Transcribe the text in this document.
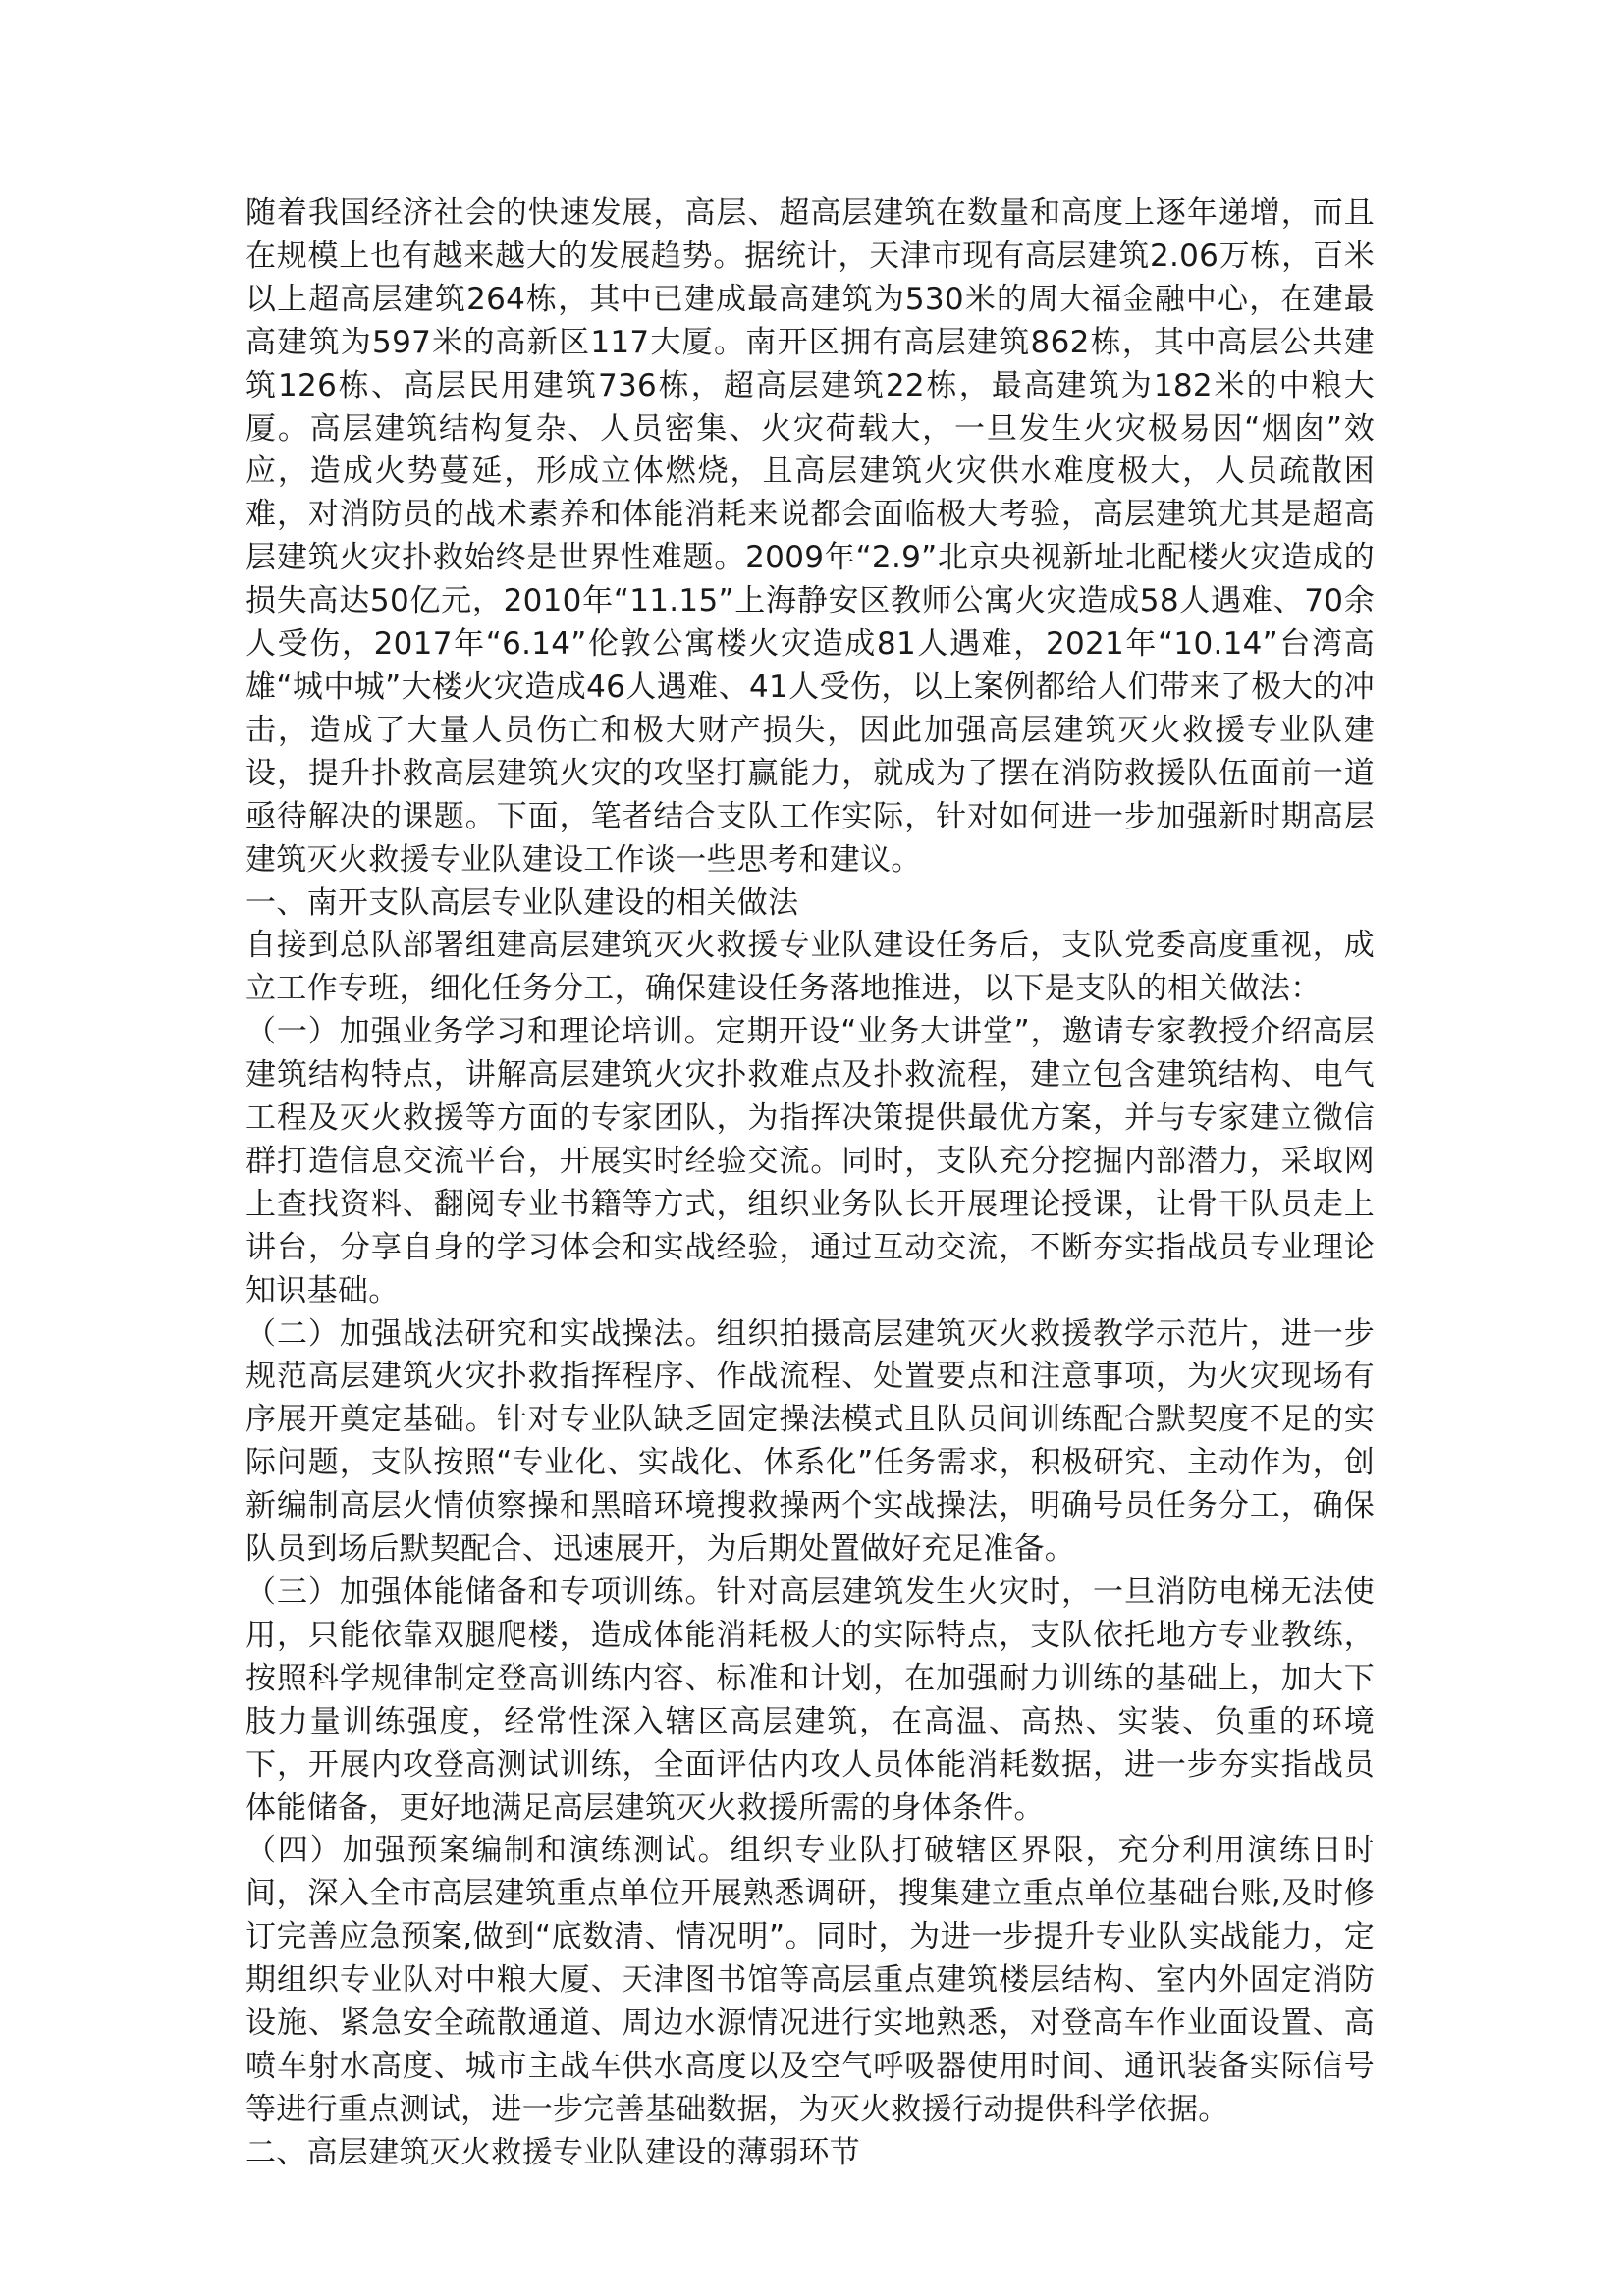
随着我国经济社会的快速发展，高层、超高层建筑在数量和高度上逐年递增，而且在规模上也有越来越大的发展趋势。据统计，天津市现有高层建筑2.06万栋，百米以上超高层建筑264栋，其中已建成最高建筑为530米的周大福金融中心，在建最高建筑为597米的高新区117大厦。南开区拥有高层建筑862栋，其中高层公共建筑126栋、高层民用建筑736栋，超高层建筑22栋，最高建筑为182米的中粮大厦。高层建筑结构复杂、人员密集、火灾荷载大，一旦发生火灾极易因“烟囱”效应，造成火势蔓延，形成立体燃烧，且高层建筑火灾供水难度极大，人员疏散困难，对消防员的战术素养和体能消耗来说都会面临极大考验，高层建筑尤其是超高层建筑火灾扑救始终是世界性难题。2009年“2.9”北京央视新址北配楼火灾造成的损失高达50亿元，2010年“11.15”上海静安区教师公寓火灾造成58人遇难、70余人受伤，2017年“6.14”伦敦公寓楼火灾造成81人遇难，2021年“10.14”台湾高雄“城中城”大楼火灾造成46人遇难、41人受伤，以上案例都给人们带来了极大的冲击，造成了大量人员伤亡和极大财产损失，因此加强高层建筑灭火救援专业队建设，提升扑救高层建筑火灾的攻坚打赢能力，就成为了摆在消防救援队伍面前一道亟待解决的课题。下面，笔者结合支队工作实际，针对如何进一步加强新时期高层建筑灭火救援专业队建设工作谈一些思考和建议。

一、南开支队高层专业队建设的相关做法

自接到总队部署组建高层建筑灭火救援专业队建设任务后，支队党委高度重视，成立工作专班，细化任务分工，确保建设任务落地推进，以下是支队的相关做法：

（一）加强业务学习和理论培训。定期开设“业务大讲堂”，邀请专家教授介绍高层建筑结构特点，讲解高层建筑火灾扑救难点及扑救流程，建立包含建筑结构、电气工程及灭火救援等方面的专家团队，为指挥决策提供最优方案，并与专家建立微信群打造信息交流平台，开展实时经验交流。同时，支队充分挖掘内部潜力，采取网上查找资料、翻阅专业书籍等方式，组织业务队长开展理论授课，让骨干队员走上讲台，分享自身的学习体会和实战经验，通过互动交流，不断夯实指战员专业理论知识基础。

（二）加强战法研究和实战操法。组织拍摄高层建筑灭火救援教学示范片，进一步规范高层建筑火灾扑救指挥程序、作战流程、处置要点和注意事项，为火灾现场有序展开奠定基础。针对专业队缺乏固定操法模式且队员间训练配合默契度不足的实际问题，支队按照“专业化、实战化、体系化”任务需求，积极研究、主动作为，创新编制高层火情侦察操和黑暗环境搜救操两个实战操法，明确号员任务分工，确保队员到场后默契配合、迅速展开，为后期处置做好充足准备。

（三）加强体能储备和专项训练。针对高层建筑发生火灾时，一旦消防电梯无法使用，只能依靠双腿爬楼，造成体能消耗极大的实际特点，支队依托地方专业教练，按照科学规律制定登高训练内容、标准和计划，在加强耐力训练的基础上，加大下肢力量训练强度，经常性深入辖区高层建筑，在高温、高热、实装、负重的环境下，开展内攻登高测试训练，全面评估内攻人员体能消耗数据，进一步夯实指战员体能储备，更好地满足高层建筑灭火救援所需的身体条件。

（四）加强预案编制和演练测试。组织专业队打破辖区界限，充分利用演练日时间，深入全市高层建筑重点单位开展熟悉调研，搜集建立重点单位基础台账,及时修订完善应急预案,做到“底数清、情况明”。同时，为进一步提升专业队实战能力，定期组织专业队对中粮大厦、天津图书馆等高层重点建筑楼层结构、室内外固定消防设施、紧急安全疏散通道、周边水源情况进行实地熟悉，对登高车作业面设置、高喷车射水高度、城市主战车供水高度以及空气呼吸器使用时间、通讯装备实际信号等进行重点测试，进一步完善基础数据，为灭火救援行动提供科学依据。

二、高层建筑灭火救援专业队建设的薄弱环节
